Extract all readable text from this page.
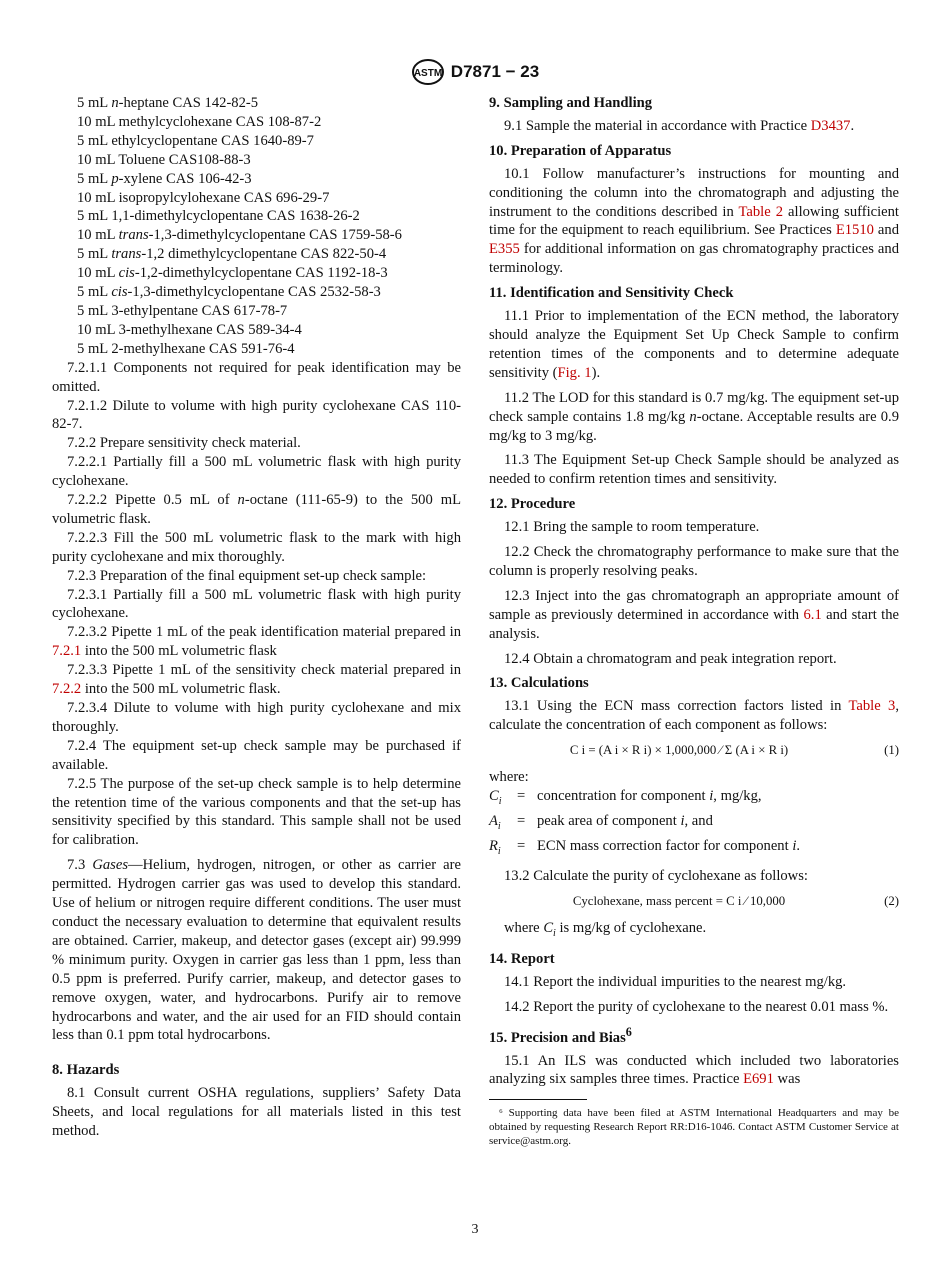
ASTM D7871 − 23

5 mL n-heptane CAS 142-82-5

10 mL methylcyclohexane CAS 108-87-2

5 mL ethylcyclopentane CAS 1640-89-7

10 mL Toluene CAS108-88-3

5 mL p-xylene CAS 106-42-3

10 mL isopropylcylohexane CAS 696-29-7

5 mL 1,1-dimethylcyclopentane CAS 1638-26-2

10 mL trans-1,3-dimethylcyclopentane CAS 1759-58-6

5 mL trans-1,2 dimethylcyclopentane CAS 822-50-4

10 mL cis-1,2-dimethylcyclopentane CAS 1192-18-3

5 mL cis-1,3-dimethylcyclopentane CAS 2532-58-3

5 mL 3-ethylpentane CAS 617-78-7

10 mL 3-methylhexane CAS 589-34-4

5 mL 2-methylhexane CAS 591-76-4

7.2.1.1 Components not required for peak identification may be omitted.

7.2.1.2 Dilute to volume with high purity cyclohexane CAS 110-82-7.

7.2.2 Prepare sensitivity check material.

7.2.2.1 Partially fill a 500 mL volumetric flask with high purity cyclohexane.

7.2.2.2 Pipette 0.5 mL of n-octane (111-65-9) to the 500 mL volumetric flask.

7.2.2.3 Fill the 500 mL volumetric flask to the mark with high purity cyclohexane and mix thoroughly.

7.2.3 Preparation of the final equipment set-up check sample:

7.2.3.1 Partially fill a 500 mL volumetric flask with high purity cyclohexane.

7.2.3.2 Pipette 1 mL of the peak identification material prepared in 7.2.1 into the 500 mL volumetric flask

7.2.3.3 Pipette 1 mL of the sensitivity check material prepared in 7.2.2 into the 500 mL volumetric flask.

7.2.3.4 Dilute to volume with high purity cyclohexane and mix thoroughly.

7.2.4 The equipment set-up check sample may be purchased if available.

7.2.5 The purpose of the set-up check sample is to help determine the retention time of the various components and that the set-up has sensitivity specified by this standard. This sample shall not be used for calibration.

7.3 Gases—Helium, hydrogen, nitrogen, or other as carrier are permitted. Hydrogen carrier gas was used to develop this standard. Use of helium or nitrogen require different conditions. The user must conduct the necessary evaluation to determine that equivalent results are obtained. Carrier, makeup, and detector gases (except air) 99.999 % minimum purity. Oxygen in carrier gas less than 1 ppm, less than 0.5 ppm is preferred. Purify carrier, makeup, and detector gases to remove oxygen, water, and hydrocarbons. Purify air to remove hydrocarbons and water, and the air used for an FID should contain less than 0.1 ppm total hydrocarbons.

8. Hazards

8.1 Consult current OSHA regulations, suppliers’ Safety Data Sheets, and local regulations for all materials listed in this test method.

9. Sampling and Handling

9.1 Sample the material in accordance with Practice D3437.

10. Preparation of Apparatus

10.1 Follow manufacturer’s instructions for mounting and conditioning the column into the chromatograph and adjusting the instrument to the conditions described in Table 2 allowing sufficient time for the equipment to reach equilibrium. See Practices E1510 and E355 for additional information on gas chromatography practices and terminology.

11. Identification and Sensitivity Check

11.1 Prior to implementation of the ECN method, the laboratory should analyze the Equipment Set Up Check Sample to confirm retention times of the components and to determine adequate sensitivity (Fig. 1).

11.2 The LOD for this standard is 0.7 mg/kg. The equipment set-up check sample contains 1.8 mg/kg n-octane. Acceptable results are 0.9 mg/kg to 3 mg/kg.

11.3 The Equipment Set-up Check Sample should be analyzed as needed to confirm retention times and sensitivity.

12. Procedure

12.1 Bring the sample to room temperature.

12.2 Check the chromatography performance to make sure that the column is properly resolving peaks.

12.3 Inject into the gas chromatograph an appropriate amount of sample as previously determined in accordance with 6.1 and start the analysis.

12.4 Obtain a chromatogram and peak integration report.

13. Calculations

13.1 Using the ECN mass correction factors listed in Table 3, calculate the concentration of each component as follows:

C i = (A i × R i) × 1,000,000 ⁄ Σ (A i × R i)	(1)

where:

$C_i$	= concentration for component i, mg/kg,
$A_i$	= peak area of component i, and
$R_i$	= ECN mass correction factor for component i.

13.2 Calculate the purity of cyclohexane as follows:

Cyclohexane, mass percent = C i ⁄ 10,000	(2)

where $C_i$ is mg/kg of cyclohexane.

14. Report

14.1 Report the individual impurities to the nearest mg/kg.

14.2 Report the purity of cyclohexane to the nearest 0.01 mass %.

15. Precision and Bias$^6$

15.1 An ILS was conducted which included two laboratories analyzing six samples three times. Practice E691 was

⁶ Supporting data have been filed at ASTM International Headquarters and may be obtained by requesting Research Report RR:D16-1046. Contact ASTM Customer Service at service@astm.org.

3
